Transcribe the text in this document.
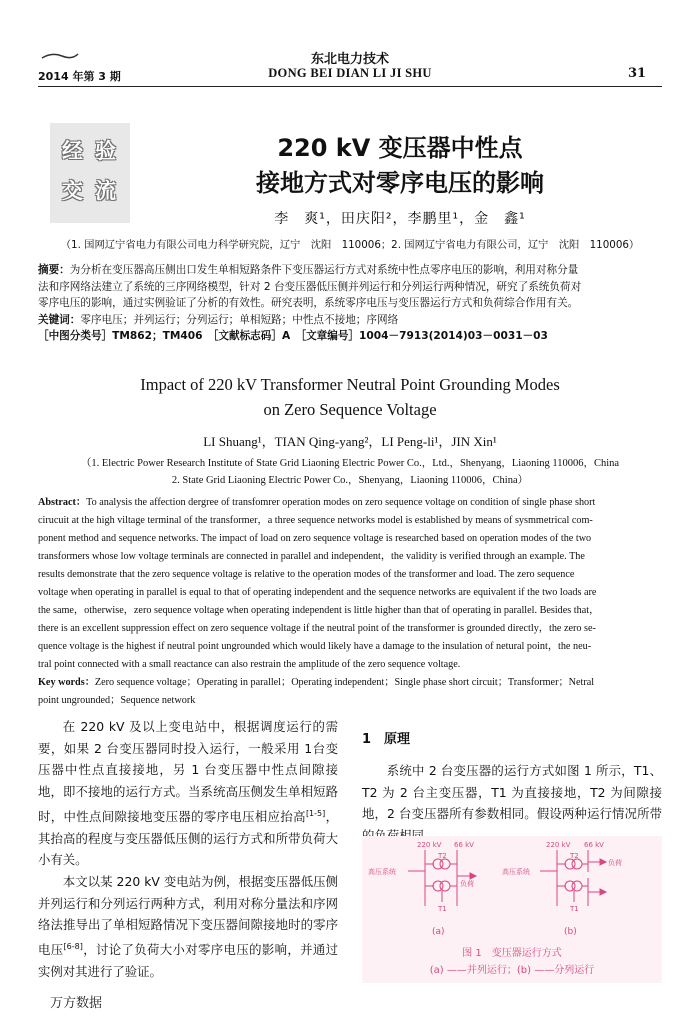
东北电力技术
2014 年第 3 期	DONG BEI DIAN LI JI SHU	31
经验
交流
220 kV 变压器中性点
接地方式对零序电压的影响
李　爽¹，田庆阳²，李鹏里¹，金　鑫¹
（1. 国网辽宁省电力有限公司电力科学研究院，辽宁　沈阳　110006；2. 国网辽宁省电力有限公司，辽宁　沈阳　110006）
摘要：为分析在变压器高压侧出口发生单相短路条件下变压器运行方式对系统中性点零序电压的影响，利用对称分量
法和序网络法建立了系统的三序网络模型，针对 2 台变压器低压侧并列运行和分列运行两种情况，研究了系统负荷对
零序电压的影响，通过实例验证了分析的有效性。研究表明，系统零序电压与变压器运行方式和负荷综合作用有关。
关键词：零序电压；并列运行；分列运行；单相短路；中性点不接地；序网络
［中图分类号］TM862；TM406　［文献标志码］A　［文章编号］1004－7913(2014)03－0031－03
Impact of 220 kV Transformer Neutral Point Grounding Modes
on Zero Sequence Voltage
LI Shuang¹，TIAN Qing-yang²，LI Peng-li¹，JIN Xin¹
（1. Electric Power Research Institute of State Grid Liaoning Electric Power Co.，Ltd.，Shenyang，Liaoning 110006，China
2. State Grid Liaoning Electric Power Co.，Shenyang，Liaoning 110006，China）
Abstract：To analysis the affection dergree of transfomrer operation modes on zero sequence voltage on condition of single phase short
cirucuit at the high viltage terminal of the transformer，a three sequence networks model is established by means of sysmmetrical com-
ponent method and sequence networks. The impact of load on zero sequence voltage is researched based on operation modes of the two
transformers whose low voltage terminals are connected in parallel and independent，the validity is verified through an example. The
results demonstrate that the zero sequence voltage is relative to the operation modes of the transformer and load. The zero sequence
voltage when operating in parallel is equal to that of operating independent and the sequence networks are equivalent if the two loads are
the same，otherwise，zero sequence voltage when operating independent is little higher than that of operating in parallel. Besides that，
there is an excellent suppression effect on zero sequence voltage if the neutral point of the transformer is grounded directly，the zero se-
quence voltage is the highest if neutral point ungrounded which would likely have a damage to the insulation of netural point，the neu-
tral point connected with a small reactance can also restrain the amplitude of the zero sequence voltage.
Key words：Zero sequence voltage；Operating in parallel；Operating independent；Single phase short circuit；Transformer；Netral
point ungrounded；Sequence network

在 220 kV 及以上变电站中，根据调度运行的需要，如果 2 台变压器同时投入运行，一般采用 1台变压器中性点直接接地，另 1 台变压器中性点间隙接地，即不接地的运行方式。当系统高压侧发生单相短路时，中性点间隙接地变压器的零序电压相应抬高[1-5]，其抬高的程度与变压器低压侧的运行方式和所带负荷大小有关。

本文以某 220 kV 变电站为例，根据变压器低压侧并列运行和分列运行两种方式，利用对称分量法和序网络法推导出了单相短路情况下变压器间隙接地时的零序电压[6-8]，讨论了负荷大小对零序电压的影响，并通过实例对其进行了验证。

1　原理

系统中 2 台变压器的运行方式如图 1 所示，T1、T2 为 2 台主变压器，T1 为直接接地，T2 为间隙接地，2 台变压器所有参数相同。假设两种运行情况所带

220 kV 66 kV
高压系统
T2
T1
负荷
(a)
220 kV 66 kV
高压系统
T2
T1
负荷
(b)
图 1　变压器运行方式
(a) ——并列运行；(b) ——分列运行
万方数据
